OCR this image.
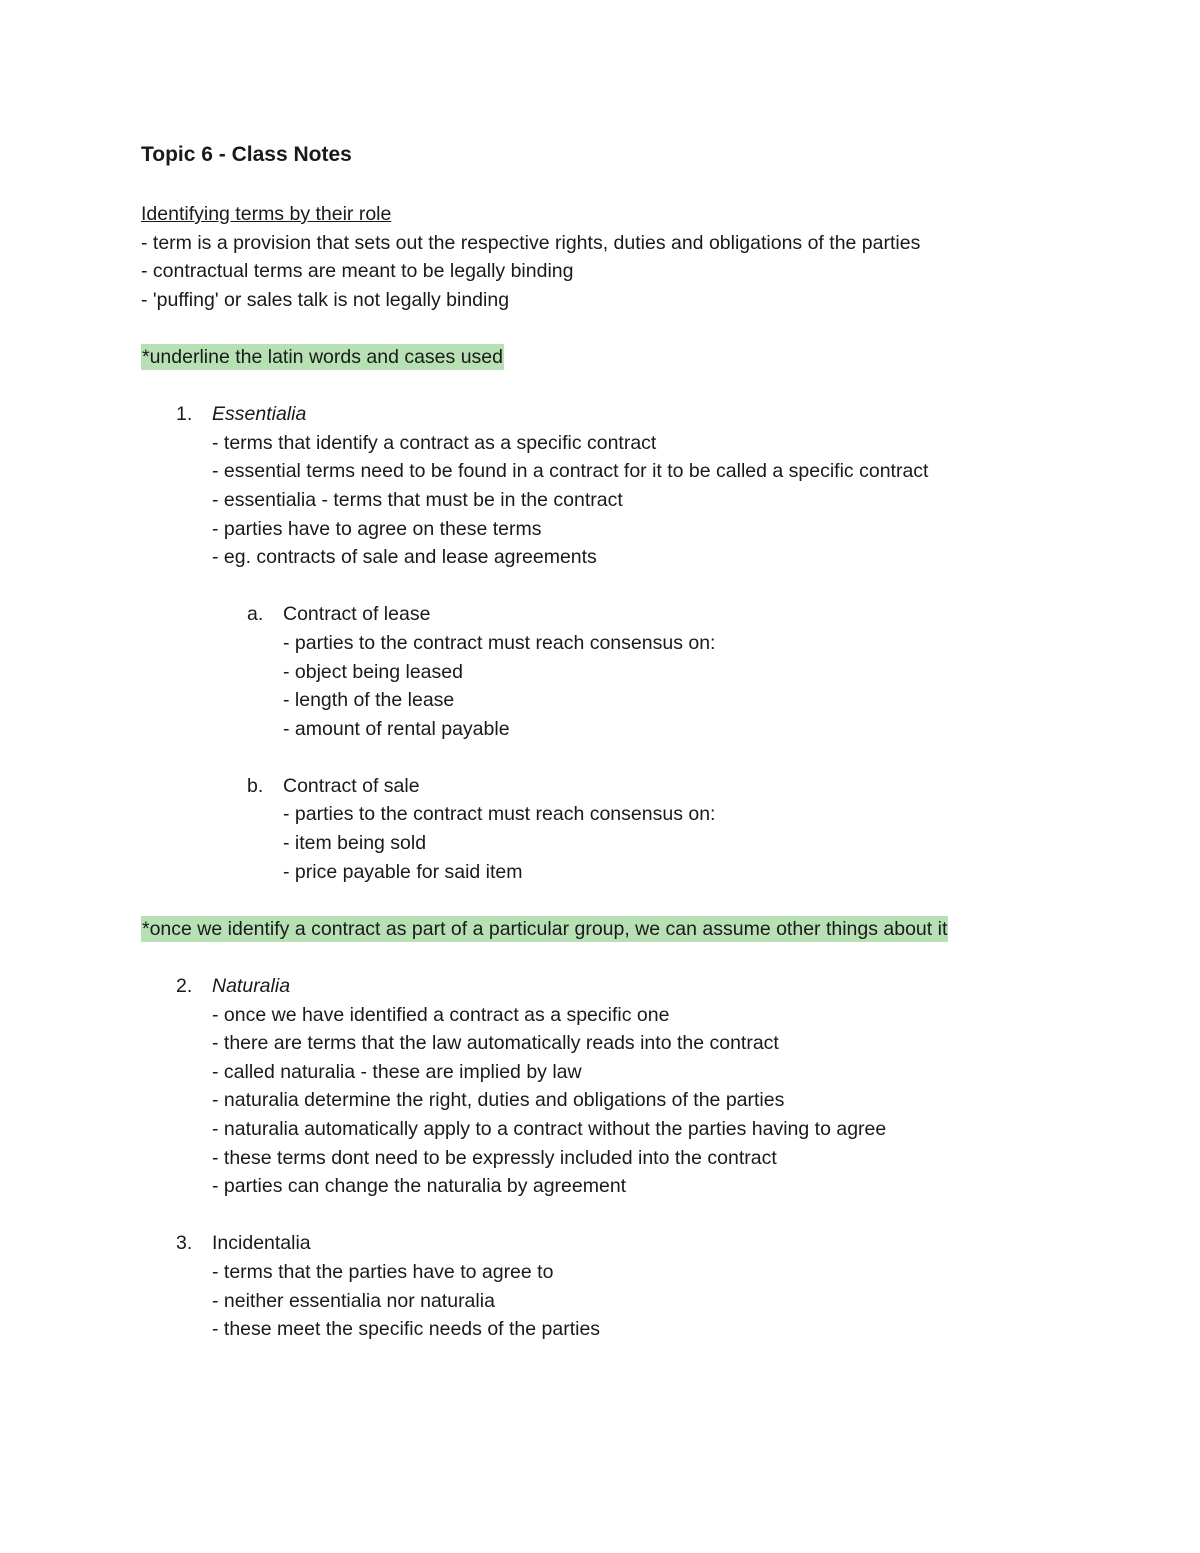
Topic 6 - Class Notes
Identifying terms by their role
- term is a provision that sets out the respective rights, duties and obligations of the parties
- contractual terms are meant to be legally binding
- 'puffing' or sales talk is not legally binding
*underline the latin words and cases used
1.	Essentialia
- terms that identify a contract as a specific contract
- essential terms need to be found in a contract for it to be called a specific contract
- essentialia - terms that must be in the contract
- parties have to agree on these terms
- eg. contracts of sale and lease agreements
a.	Contract of lease
- parties to the contract must reach consensus on:
- object being leased
- length of the lease
- amount of rental payable
b.	Contract of sale
- parties to the contract must reach consensus on:
- item being sold
- price payable for said item
*once we identify a contract as part of a particular group, we can assume other things about it
2.	Naturalia
- once we have identified a contract as a specific one
- there are terms that the law automatically reads into the contract
- called naturalia - these are implied by law
- naturalia determine the right, duties and obligations of the parties
- naturalia automatically apply to a contract without the parties having to agree
- these terms dont need to be expressly included into the contract
- parties can change the naturalia by agreement
3.	Incidentalia
- terms that the parties have to agree to
- neither essentialia nor naturalia
- these meet the specific needs of the parties
